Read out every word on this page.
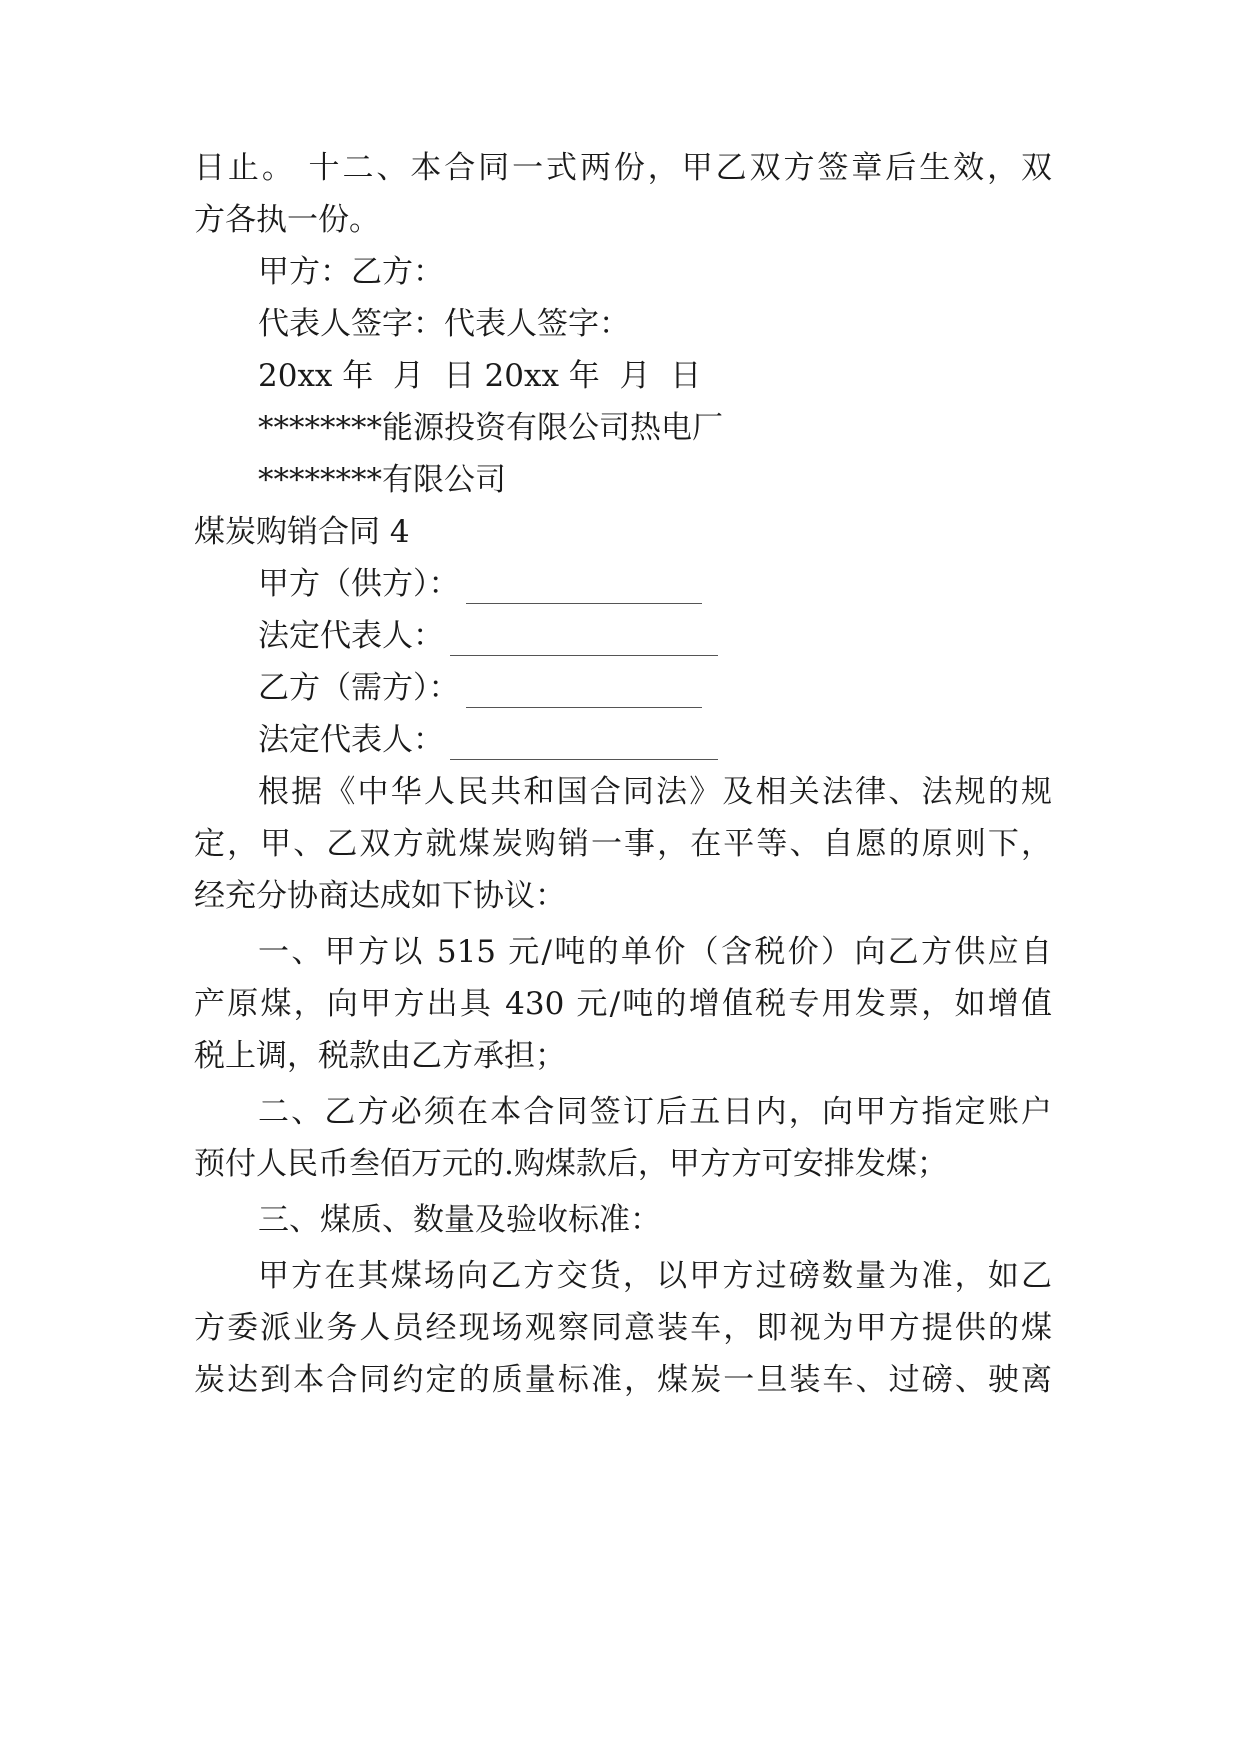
日止。 十二、本合同一式两份，甲乙双方签章后生效，双
方各执一份。
甲方：乙方：
代表人签字：代表人签字：
20xx 年  月  日 20xx 年  月  日
********能源投资有限公司热电厂
********有限公司
煤炭购销合同 4
甲方（供方）：
法定代表人：
乙方（需方）：
法定代表人：
根据《中华人民共和国合同法》及相关法律、法规的规
定，甲、乙双方就煤炭购销一事，在平等、自愿的原则下，
经充分协商达成如下协议：
一、甲方以 515 元/吨的单价（含税价）向乙方供应自
产原煤，向甲方出具 430 元/吨的增值税专用发票，如增值
税上调，税款由乙方承担；
二、乙方必须在本合同签订后五日内，向甲方指定账户
预付人民币叁佰万元的.购煤款后，甲方方可安排发煤；
三、煤质、数量及验收标准：
甲方在其煤场向乙方交货，以甲方过磅数量为准，如乙
方委派业务人员经现场观察同意装车，即视为甲方提供的煤
炭达到本合同约定的质量标准，煤炭一旦装车、过磅、驶离
